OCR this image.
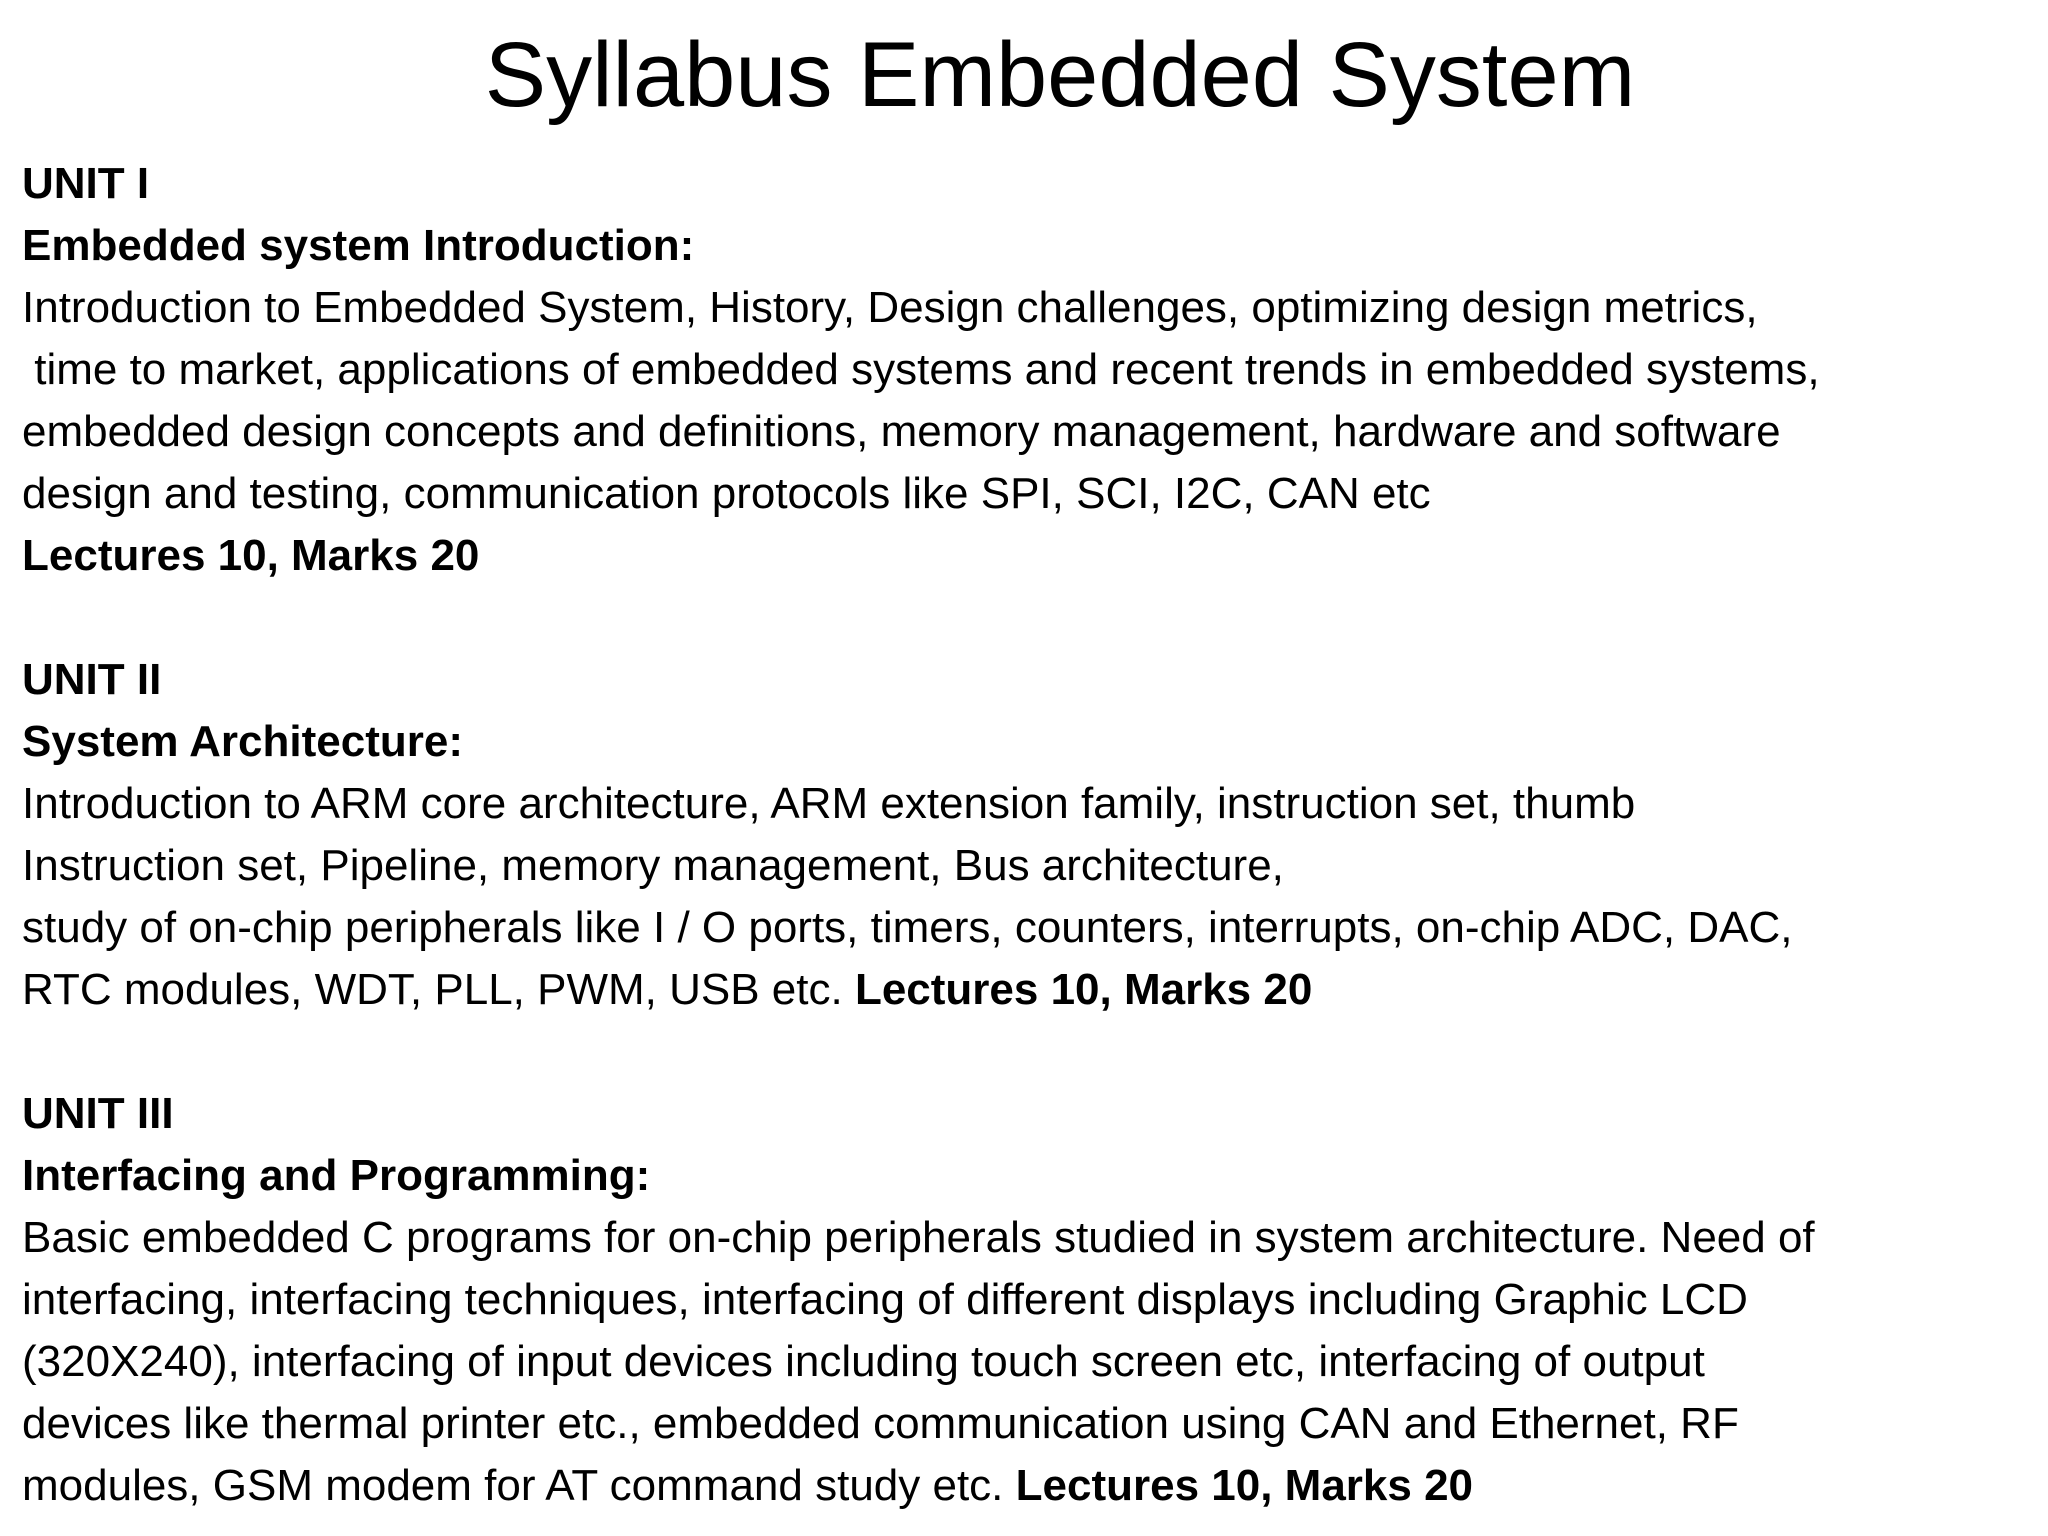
Syllabus Embedded System
UNIT I
Embedded system Introduction:
Introduction to Embedded System, History, Design challenges, optimizing design metrics,
time to market, applications of embedded systems and recent trends in embedded systems,
embedded design concepts and definitions, memory management, hardware and software
design and testing, communication protocols like SPI, SCI, I2C, CAN etc
Lectures 10, Marks 20
UNIT II
System Architecture:
Introduction to ARM core architecture, ARM extension family, instruction set, thumb
Instruction set, Pipeline, memory management, Bus architecture,
study of on-chip peripherals like I / O ports, timers, counters, interrupts, on-chip ADC, DAC,
RTC modules, WDT, PLL, PWM, USB etc. Lectures 10, Marks 20
UNIT III
Interfacing and Programming:
Basic embedded C programs for on-chip peripherals studied in system architecture. Need of
interfacing, interfacing techniques, interfacing of different displays including Graphic LCD
(320X240), interfacing of input devices including touch screen etc, interfacing of output
devices like thermal printer etc., embedded communication using CAN and Ethernet, RF
modules, GSM modem for AT command study etc. Lectures 10, Marks 20
